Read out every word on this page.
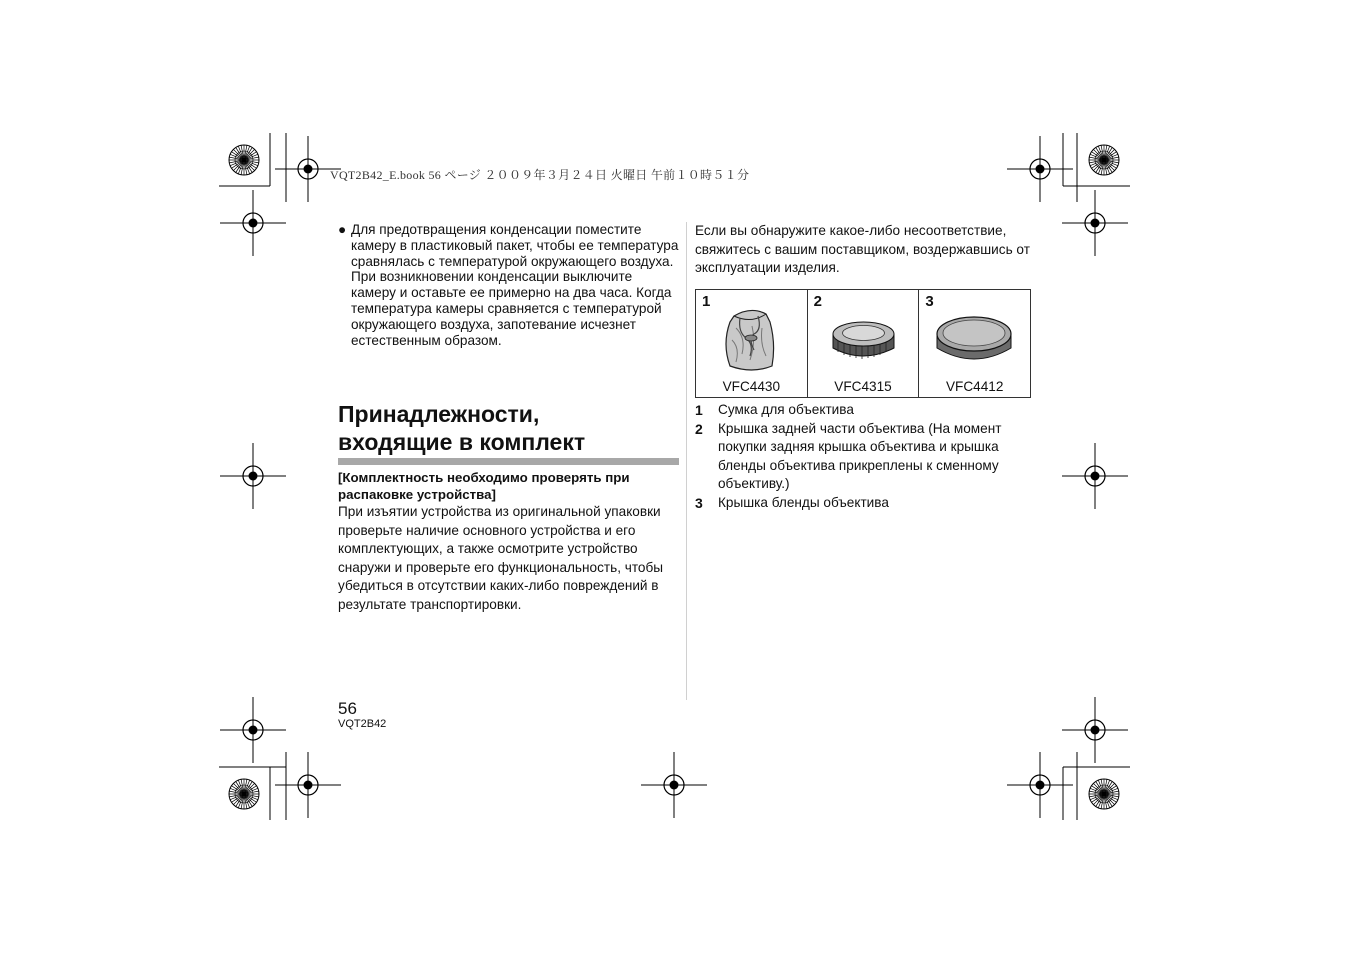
VQT2B42_E.book 56 ページ ２００９年３月２４日 火曜日 午前１０時５１分
● Для предотвращения конденсации поместите камеру в пластиковый пакет, чтобы ее температура сравнялась с температурой окружающего воздуха. При возникновении конденсации выключите камеру и оставьте ее примерно на два часа. Когда температура камеры сравняется с температурой окружающего воздуха, запотевание исчезнет естественным образом.
Принадлежности,
входящие в комплект
[Комплектность необходимо проверять при распаковке устройства]
При изъятии устройства из оригинальной упаковки проверьте наличие основного устройства и его комплектующих, а также осмотрите устройство снаружи и проверьте его функциональность, чтобы убедиться в отсутствии каких-либо повреждений в результате транспортировки.
Если вы обнаружите какое-либо несоответствие, свяжитесь с вашим поставщиком, воздержавшись от эксплуатации изделия.
1
VFC4430
2
VFC4315
3
VFC4412
1 Сумка для объектива
2 Крышка задней части объектива (На момент покупки задняя крышка объектива и крышка бленды объектива прикреплены к сменному объективу.)
3 Крышка бленды объектива
56
VQT2B42
